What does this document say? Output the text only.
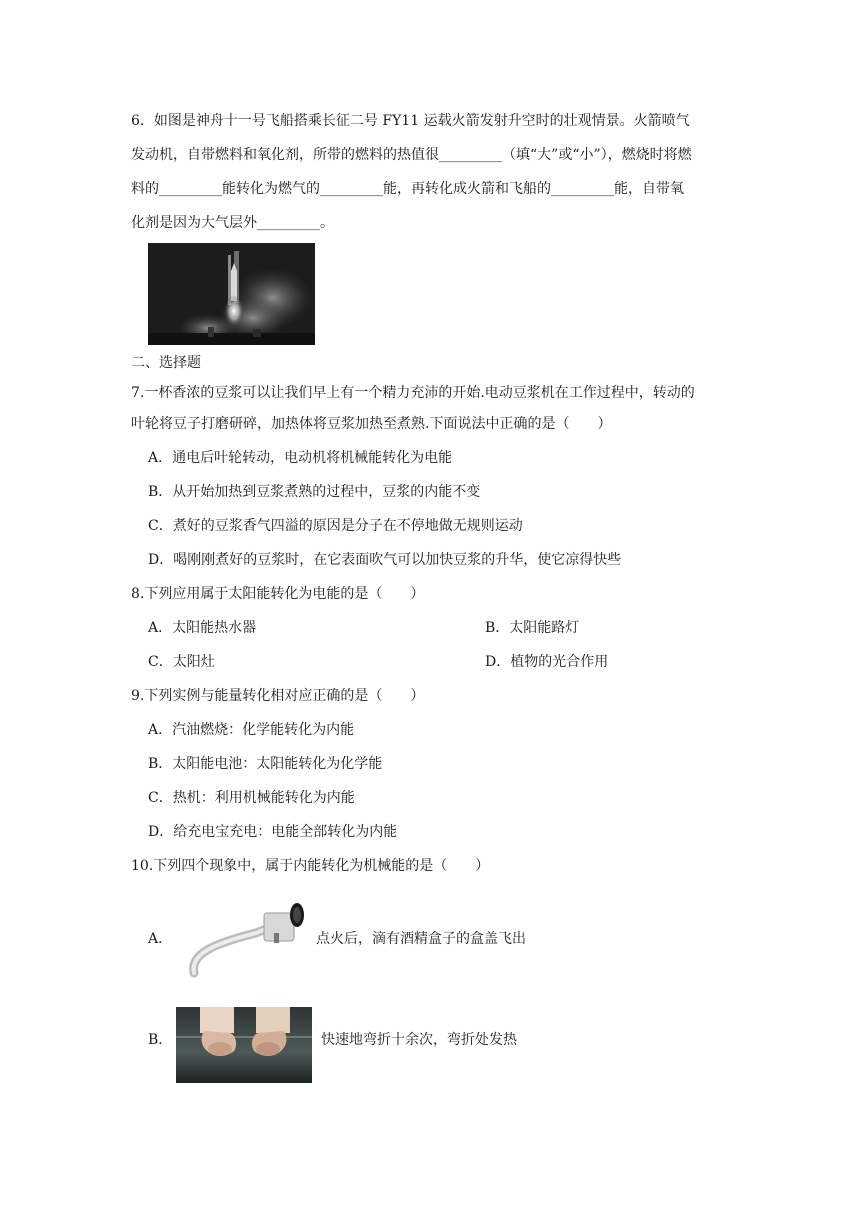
6．如图是神舟十一号飞船搭乘长征二号 FY11 运载火箭发射升空时的壮观情景。火箭喷气
发动机，自带燃料和氧化剂，所带的燃料的热值很_________（填“大”或“小”），燃烧时将燃
料的_________能转化为燃气的_________能，再转化成火箭和飞船的_________能，自带氧
化剂是因为大气层外_________。
二、选择题
7.一杯香浓的豆浆可以让我们早上有一个精力充沛的开始.电动豆浆机在工作过程中，转动的
叶轮将豆子打磨研碎，加热体将豆浆加热至煮熟.下面说法中正确的是（　　）
A．通电后叶轮转动，电动机将机械能转化为电能
B．从开始加热到豆浆煮熟的过程中，豆浆的内能不变
C．煮好的豆浆香气四溢的原因是分子在不停地做无规则运动
D．喝刚刚煮好的豆浆时，在它表面吹气可以加快豆浆的升华，使它凉得快些
8.下列应用属于太阳能转化为电能的是（　　）
A．太阳能热水器	B．太阳能路灯
C．太阳灶	D．植物的光合作用
9.下列实例与能量转化相对应正确的是（　　）
A．汽油燃烧：化学能转化为内能
B．太阳能电池：太阳能转化为化学能
C．热机：利用机械能转化为内能
D．给充电宝充电：电能全部转化为内能
10.下列四个现象中，属于内能转化为机械能的是（　　）
A．	点火后，滴有酒精盒子的盒盖飞出
B．	快速地弯折十余次，弯折处发热
